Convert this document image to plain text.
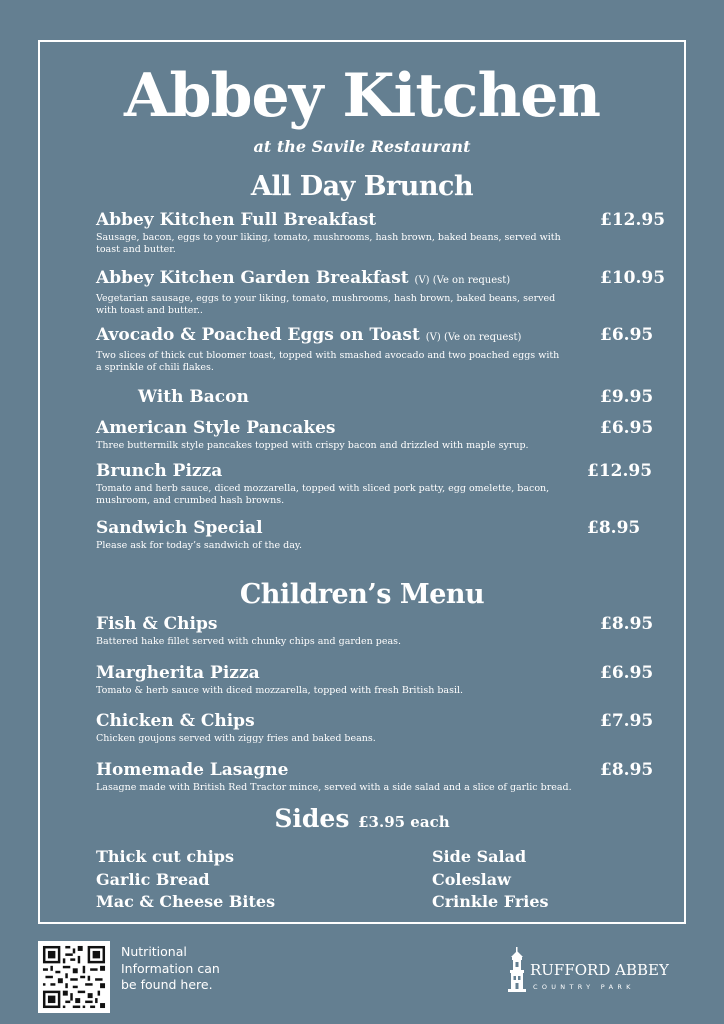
Abbey Kitchen
at the Savile Restaurant
All Day Brunch
Abbey Kitchen Full Breakfast
Sausage, bacon, eggs to your liking, tomato, mushrooms, hash brown, baked beans, served with toast and butter.
£12.95
Abbey Kitchen Garden Breakfast (V) (Ve on request)
Vegetarian sausage, eggs to your liking, tomato, mushrooms, hash brown, baked beans, served with toast and butter..
£10.95
Avocado & Poached Eggs on Toast (V) (Ve on request)
Two slices of thick cut bloomer toast, topped with smashed avocado and two poached eggs with a sprinkle of chili flakes.
£6.95
With Bacon	£9.95
American Style Pancakes
Three buttermilk style pancakes topped with crispy bacon and drizzled with maple syrup.
£6.95
Brunch Pizza
Tomato and herb sauce, diced mozzarella, topped with sliced pork patty, egg omelette, bacon, mushroom, and crumbed hash browns.
£12.95
Sandwich Special
Please ask for today’s sandwich of the day.
£8.95
Children’s Menu
Fish & Chips
Battered hake fillet served with chunky chips and garden peas.
£8.95
Margherita Pizza
Tomato & herb sauce with diced mozzarella, topped with fresh British basil.
£6.95
Chicken & Chips
Chicken goujons served with ziggy fries and baked beans.
£7.95
Homemade Lasagne
Lasagne made with British Red Tractor mince, served with a side salad and a slice of garlic bread.
£8.95
Sides £3.95 each
Thick cut chips
Garlic Bread
Mac & Cheese Bites
Side Salad
Coleslaw
Crinkle Fries
Nutritional Information can be found here.
RUFFORD ABBEY
COUNTRY PARK
